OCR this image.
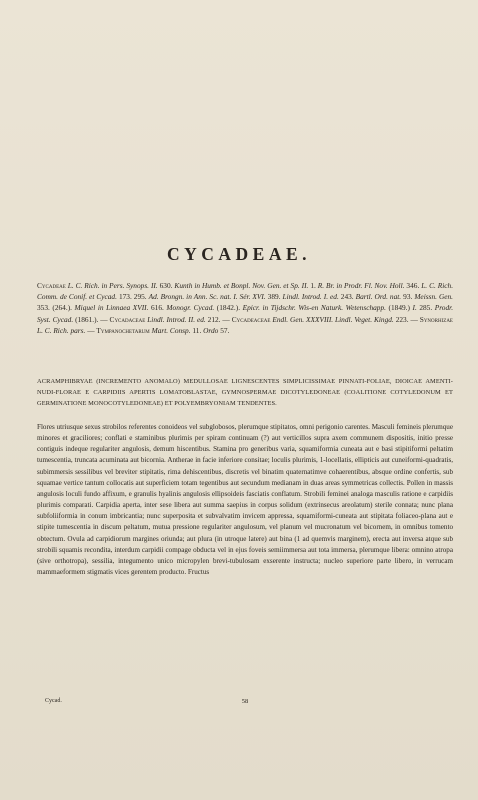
CYCADEAE.
Cycadeae L. C. Rich. in Pers. Synops. II. 630. Kunth in Humb. et Bonpl. Nov. Gen. et Sp. II. 1. R. Br. in Prodr. Fl. Nov. Holl. 346. L. C. Rich. Comm. de Conif. et Cycad. 173. 295. Ad. Brongn. in Ann. Sc. nat. I. Sér. XVI. 389. Lindl. Introd. I. ed. 243. Bartl. Ord. nat. 93. Meissn. Gen. 353. (264.). Miquel in Linnaea XVII. 616. Monogr. Cycad. (1842.). Epicr. in Tijdschr. Wis-en Naturk. Wetenschapp. (1849.) I. 285. Prodr. Syst. Cycad. (1861.). — Cycadaceae Lindl. Introd. II. ed. 212. — Cycadeaceae Endl. Gen. XXXVIII. Lindl. Veget. Kingd. 223. — Synorhizae L. C. Rich. pars. — Tympanochetarum Mart. Consp. 11. Ordo 57.
ACRAMPHIBRYAE (INCREMENTO ANOMALO) MEDULLOSAE LIGNESCENTES SIMPLICISSIMAE PINNATI-FOLIAE, DIOICAE AMENTI-NUDI-FLORAE E CARPIDIIS APERTIS LOMATOBLASTAE, GYMNOSPERMAE DICOTYLEDONEAE (COALITIONE COTYLEDONUM ET GERMINATIONE MONOCOTYLEDONEAE) ET POLYEMBRYONIAM TENDENTES.
Flores utriusque sexus strobilos referentes conoideos vel subglobosos, plerumque stipitatos, omni perigonio carentes. Masculi femineis plerumque minores et graciliores; conflati e staminibus plurimis per spiram continuam (?) aut verticillos supra axem communem dispositis, initio presse contiguis indeque regulariter angulosis, demum hiscentibus. Stamina pro generibus varia, squamiformia cuneata aut e basi stipitiformi peltatim tumescentia, truncata acuminata aut bicornia. Antherae in facie inferiore consitae; loculis plurimis, 1-locellatis, ellipticis aut cuneiformi-quadratis, subimmersis sessilibus vel breviter stipitatis, rima dehiscentibus, discretis vel binatim quaternatimve cohaerentibus, absque ordine confertis, sub squamae vertice tantum collocatis aut superficiem totam tegentibus aut secundum medianam in duas areas symmetricas collectis. Pollen in massis angulosis loculi fundo affixum, e granulis hyalinis angulosis ellipsoideis fasciatis conflatum. Strobili feminei analoga masculis ratione e carpidiis plurimis comparati. Carpidia aperta, inter sese libera aut summa saepius in corpus solidum (extrinsecus areolatum) sterile connata; nunc plana subfoliiformia in conum imbricantia; nunc superposita et subvalvatim invicem appressa, squamiformi-cuneata aut stipitata foliaceo-plana aut e stipite tumescentia in discum peltatum, mutua pressione regulariter angulosum, vel planum vel mucronatum vel bicornem, in omnibus tomento obtectum. Ovula ad carpidiorum margines oriunda; aut plura (in utroque latere) aut bina (1 ad quemvis marginem), erecta aut inversa atque sub strobili squamis recondita, interdum carpidii compage obducta vel in ejus foveis semiimmersa aut tota immersa, plerumque libera: omnino atropa (sive orthotropa), sessilia, integumento unico micropylen brevi-tubulosam exserente instructa; nucleo superiore parte libero, in verrucam mammaeformem stigmatis vices gerentem producto. Fructus
Cycad.	58
